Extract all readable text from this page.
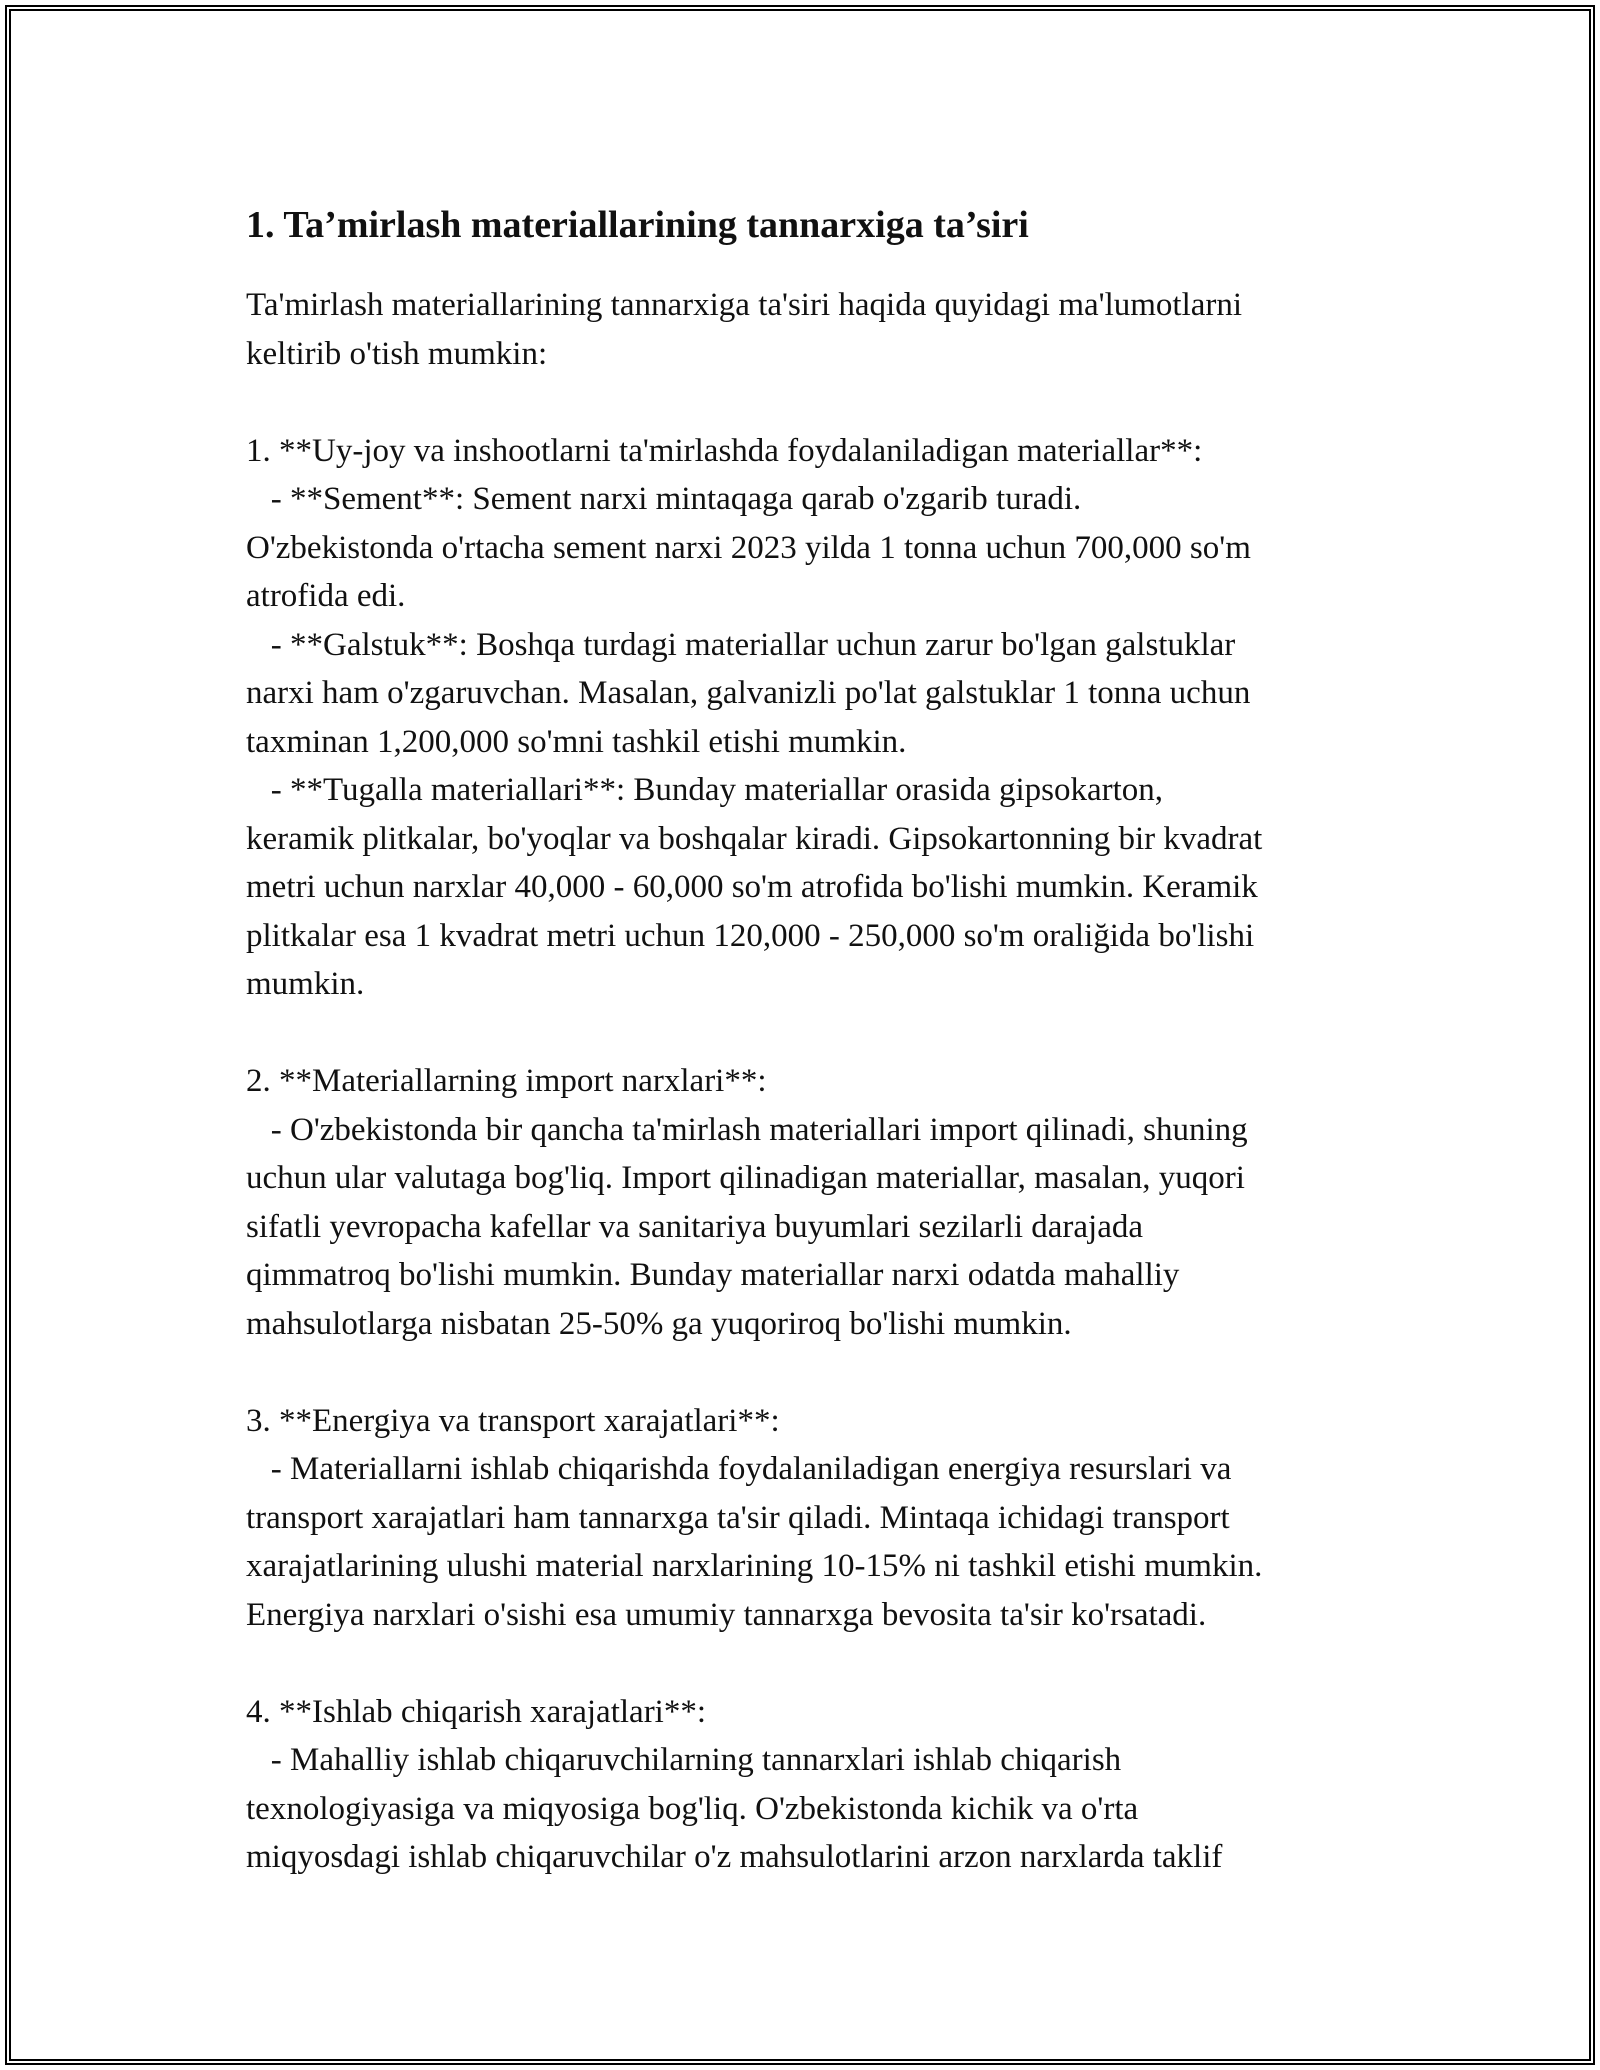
1. Ta’mirlash materiallarining tannarxiga ta’siri
Ta'mirlash materiallarining tannarxiga ta'siri haqida quyidagi ma'lumotlarni
keltirib o'tish mumkin:

1. **Uy-joy va inshootlarni ta'mirlashda foydalaniladigan materiallar**:
- **Sement**: Sement narxi mintaqaga qarab o'zgarib turadi.
O'zbekistonda o'rtacha sement narxi 2023 yilda 1 tonna uchun 700,000 so'm
atrofida edi.
- **Galstuk**: Boshqa turdagi materiallar uchun zarur bo'lgan galstuklar
narxi ham o'zgaruvchan. Masalan, galvanizli po'lat galstuklar 1 tonna uchun
taxminan 1,200,000 so'mni tashkil etishi mumkin.
- **Tugalla materiallari**: Bunday materiallar orasida gipsokarton,
keramik plitkalar, bo'yoqlar va boshqalar kiradi. Gipsokartonning bir kvadrat
metri uchun narxlar 40,000 - 60,000 so'm atrofida bo'lishi mumkin. Keramik
plitkalar esa 1 kvadrat metri uchun 120,000 - 250,000 so'm oraliğida bo'lishi
mumkin.

2. **Materiallarning import narxlari**:
- O'zbekistonda bir qancha ta'mirlash materiallari import qilinadi, shuning
uchun ular valutaga bog'liq. Import qilinadigan materiallar, masalan, yuqori
sifatli yevropacha kafellar va sanitariya buyumlari sezilarli darajada
qimmatroq bo'lishi mumkin. Bunday materiallar narxi odatda mahalliy
mahsulotlarga nisbatan 25-50% ga yuqoriroq bo'lishi mumkin.

3. **Energiya va transport xarajatlari**:
- Materiallarni ishlab chiqarishda foydalaniladigan energiya resurslari va
transport xarajatlari ham tannarxga ta'sir qiladi. Mintaqa ichidagi transport
xarajatlarining ulushi material narxlarining 10-15% ni tashkil etishi mumkin.
Energiya narxlari o'sishi esa umumiy tannarxga bevosita ta'sir ko'rsatadi.

4. **Ishlab chiqarish xarajatlari**:
- Mahalliy ishlab chiqaruvchilarning tannarxlari ishlab chiqarish
texnologiyasiga va miqyosiga bog'liq. O'zbekistonda kichik va o'rta
miqyosdagi ishlab chiqaruvchilar o'z mahsulotlarini arzon narxlarda taklif
